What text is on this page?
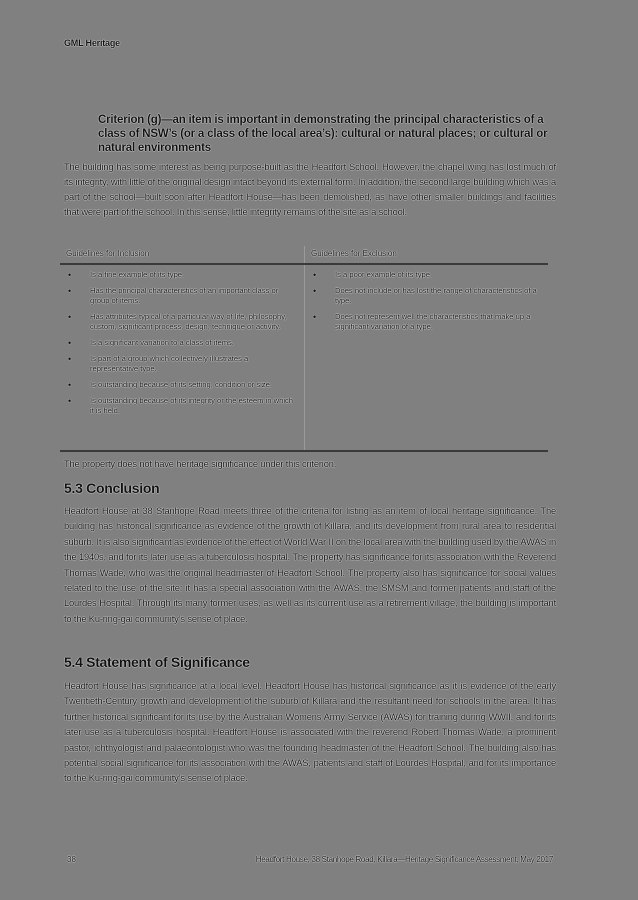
GML Heritage
Criterion (g)—an item is important in demonstrating the principal characteristics of a class of NSW’s (or a class of the local area’s): cultural or natural places; or cultural or natural environments

The building has some interest as being purpose-built as the Headfort School. However, the chapel wing has lost much of its integrity, with little of the original design intact beyond its external form. In addition, the second large building which was a part of the school—built soon after Headfort House—has been demolished, as have other smaller buildings and facilities that were part of the school. In this sense, little integrity remains of the site as a school.

Guidelines for Inclusion	Guidelines for Exclusion

• Is a fine example of its type.
• Has the principal characteristics of an important class or group of items.
• Has attributes typical of a particular way of life, philosophy, custom, significant process, design, technique or activity.
• Is a significant variation to a class of items.
• Is part of a group which collectively illustrates a representative type.
• Is outstanding because of its setting, condition or size.
• Is outstanding because of its integrity or the esteem in which it is held.

• Is a poor example of its type.
• Does not include or has lost the range of characteristics of a type.
• Does not represent well the characteristics that make up a significant variation of a type.

The property does not have heritage significance under this criterion.

5.3 Conclusion

Headfort House at 38 Stanhope Road meets three of the criteria for listing as an item of local heritage significance. The building has historical significance as evidence of the growth of Killara, and its development from rural area to residential suburb. It is also significant as evidence of the effect of World War II on the local area with the building used by the AWAS in the 1940s, and for its later use as a tuberculosis hospital. The property has significance for its association with the Reverend Thomas Wade, who was the original headmaster of Headfort School. The property also has significance for social values related to the use of the site: it has a special association with the AWAS, the SMSM and former patients and staff of the Lourdes Hospital. Through its many former uses, as well as its current use as a retirement village, the building is important to the Ku-ring-gai community’s sense of place.

5.4 Statement of Significance

Headfort House has significance at a local level. Headfort House has historical significance as it is evidence of the early Twentieth-Century growth and development of the suburb of Killara and the resultant need for schools in the area. It has further historical significant for its use by the Australian Womens Army Service (AWAS) for training during WWII, and for its later use as a tuberculosis hospital. Headfort House is associated with the reverend Robert Thomas Wade, a prominent pastor, ichthyologist and palaeontologist who was the founding headmaster of the Headfort School. The building also has potential social significance for its association with the AWAS, patients and staff of Lourdes Hospital, and for its importance to the Ku-ring-gai community’s sense of place.

38	Headfort House, 38 Stanhope Road, Killara—Heritage Significance Assessment, May 2017
